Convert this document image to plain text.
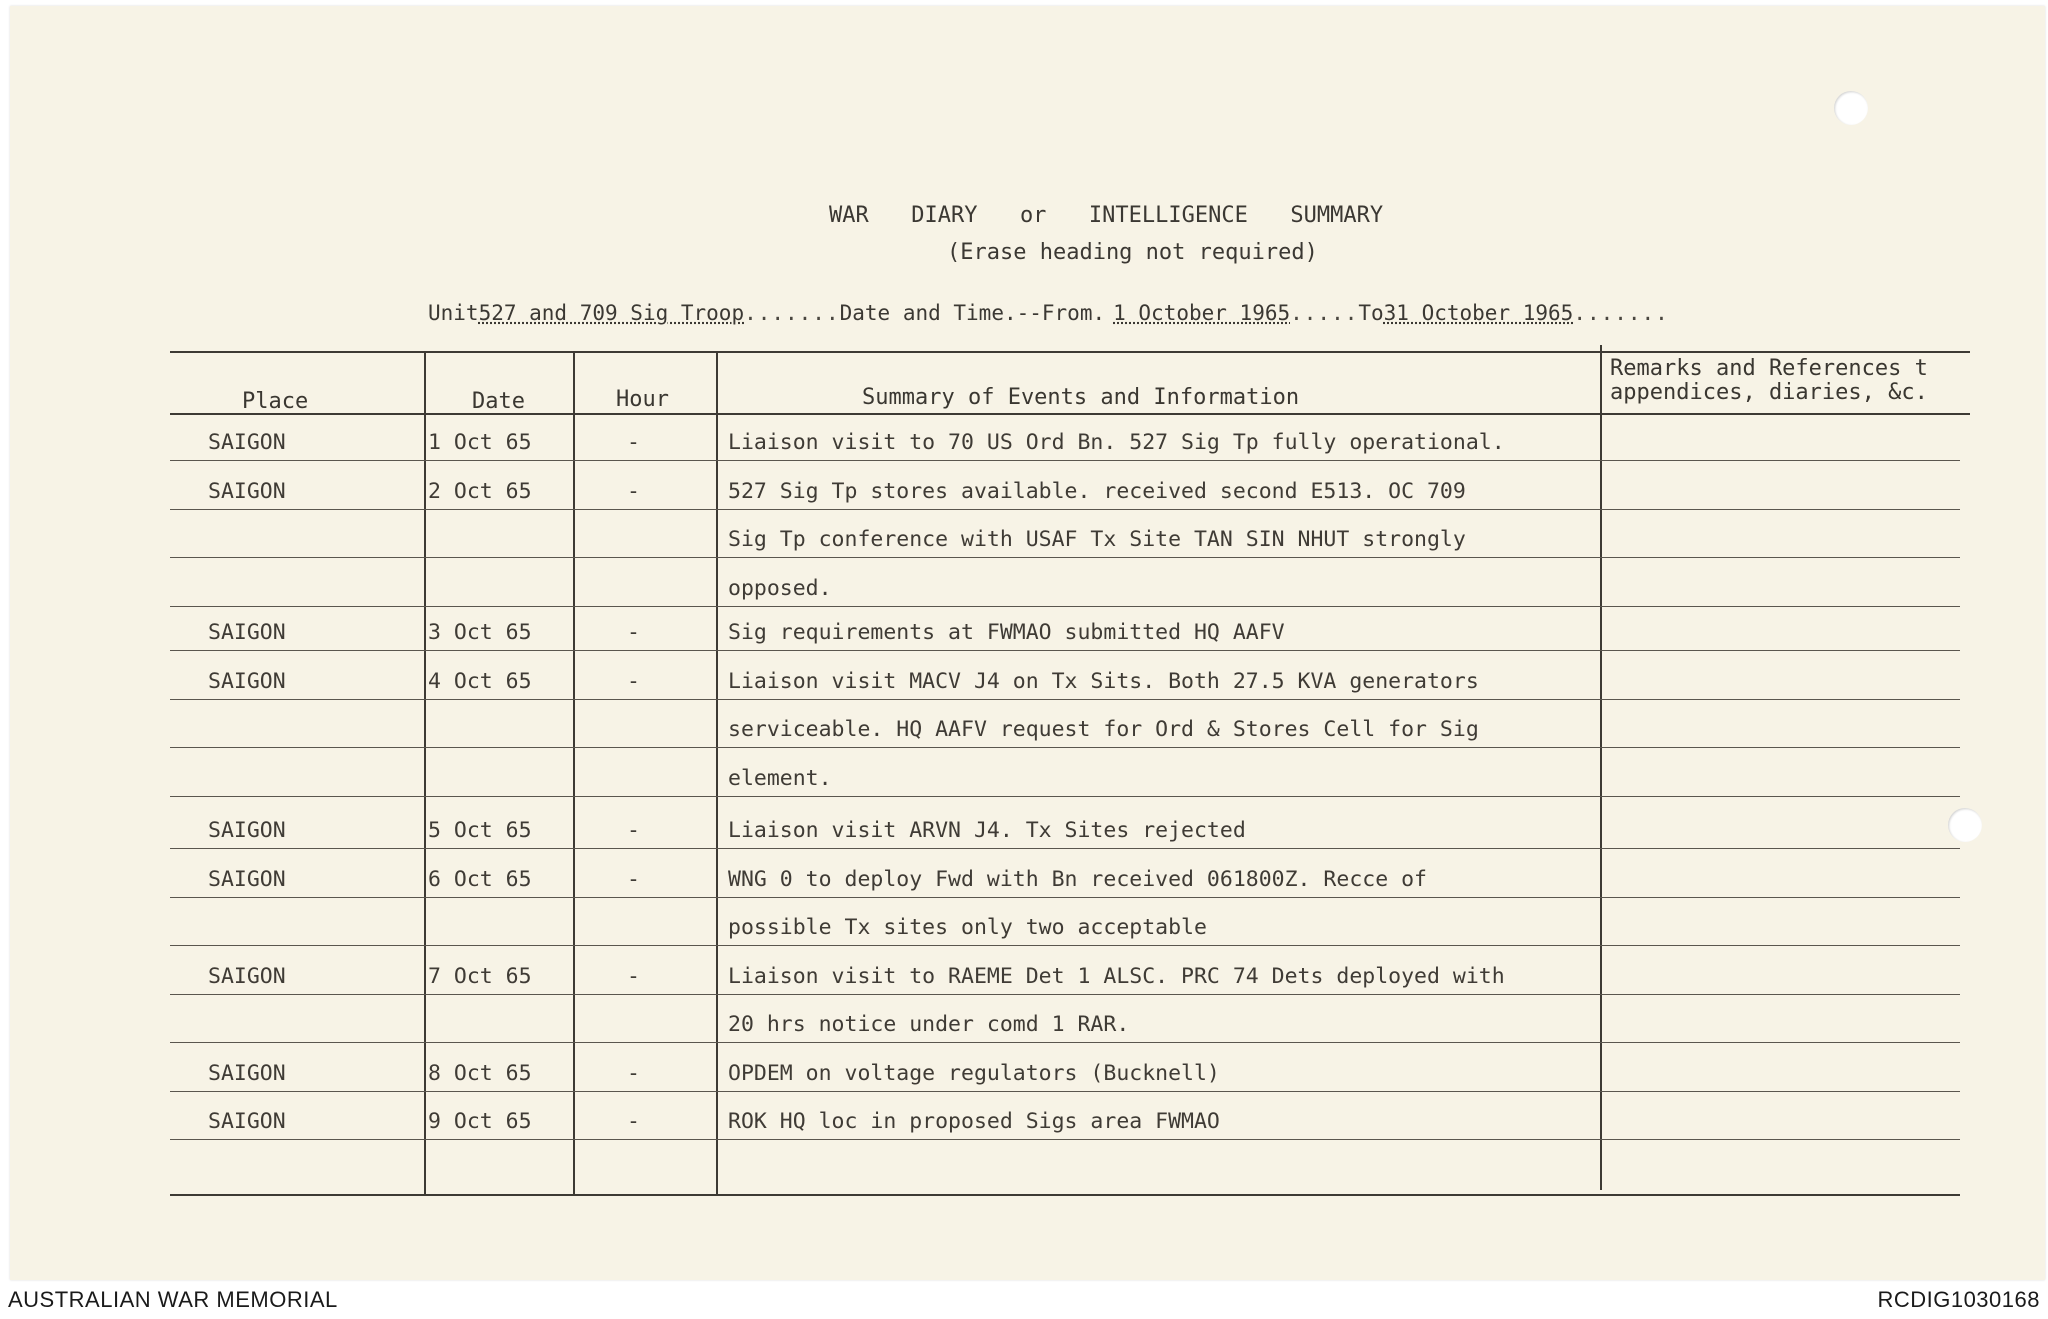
WAR  DIARY  or  INTELLIGENCE  SUMMARY
(Erase heading not required)
Unit527 and 709 Sig Troop.......Date and Time.--From. 1 October 1965.....To31 October 1965.......
Place	Date	Hour	Summary of Events and Information
Remarks and References t
appendices, diaries, &c.
SAIGON	1 Oct 65	-	Liaison visit to 70 US Ord Bn. 527 Sig Tp fully operational.
SAIGON	2 Oct 65	-	527 Sig Tp stores available. received second E513. OC 709
Sig Tp conference with USAF Tx Site TAN SIN NHUT strongly
opposed.
SAIGON	3 Oct 65	-	Sig requirements at FWMAO submitted HQ AAFV
SAIGON	4 Oct 65	-	Liaison visit MACV J4 on Tx Sits. Both 27.5 KVA generators
serviceable. HQ AAFV request for Ord & Stores Cell for Sig
element.
SAIGON	5 Oct 65	-	Liaison visit ARVN J4. Tx Sites rejected
SAIGON	6 Oct 65	-	WNG 0 to deploy Fwd with Bn received 061800Z. Recce of
possible Tx sites only two acceptable
SAIGON	7 Oct 65	-	Liaison visit to RAEME Det 1 ALSC. PRC 74 Dets deployed with
20 hrs notice under comd 1 RAR.
SAIGON	8 Oct 65	-	OPDEM on voltage regulators (Bucknell)
SAIGON	9 Oct 65	-	ROK HQ loc in proposed Sigs area FWMAO
AUSTRALIAN WAR MEMORIAL	RCDIG1030168
